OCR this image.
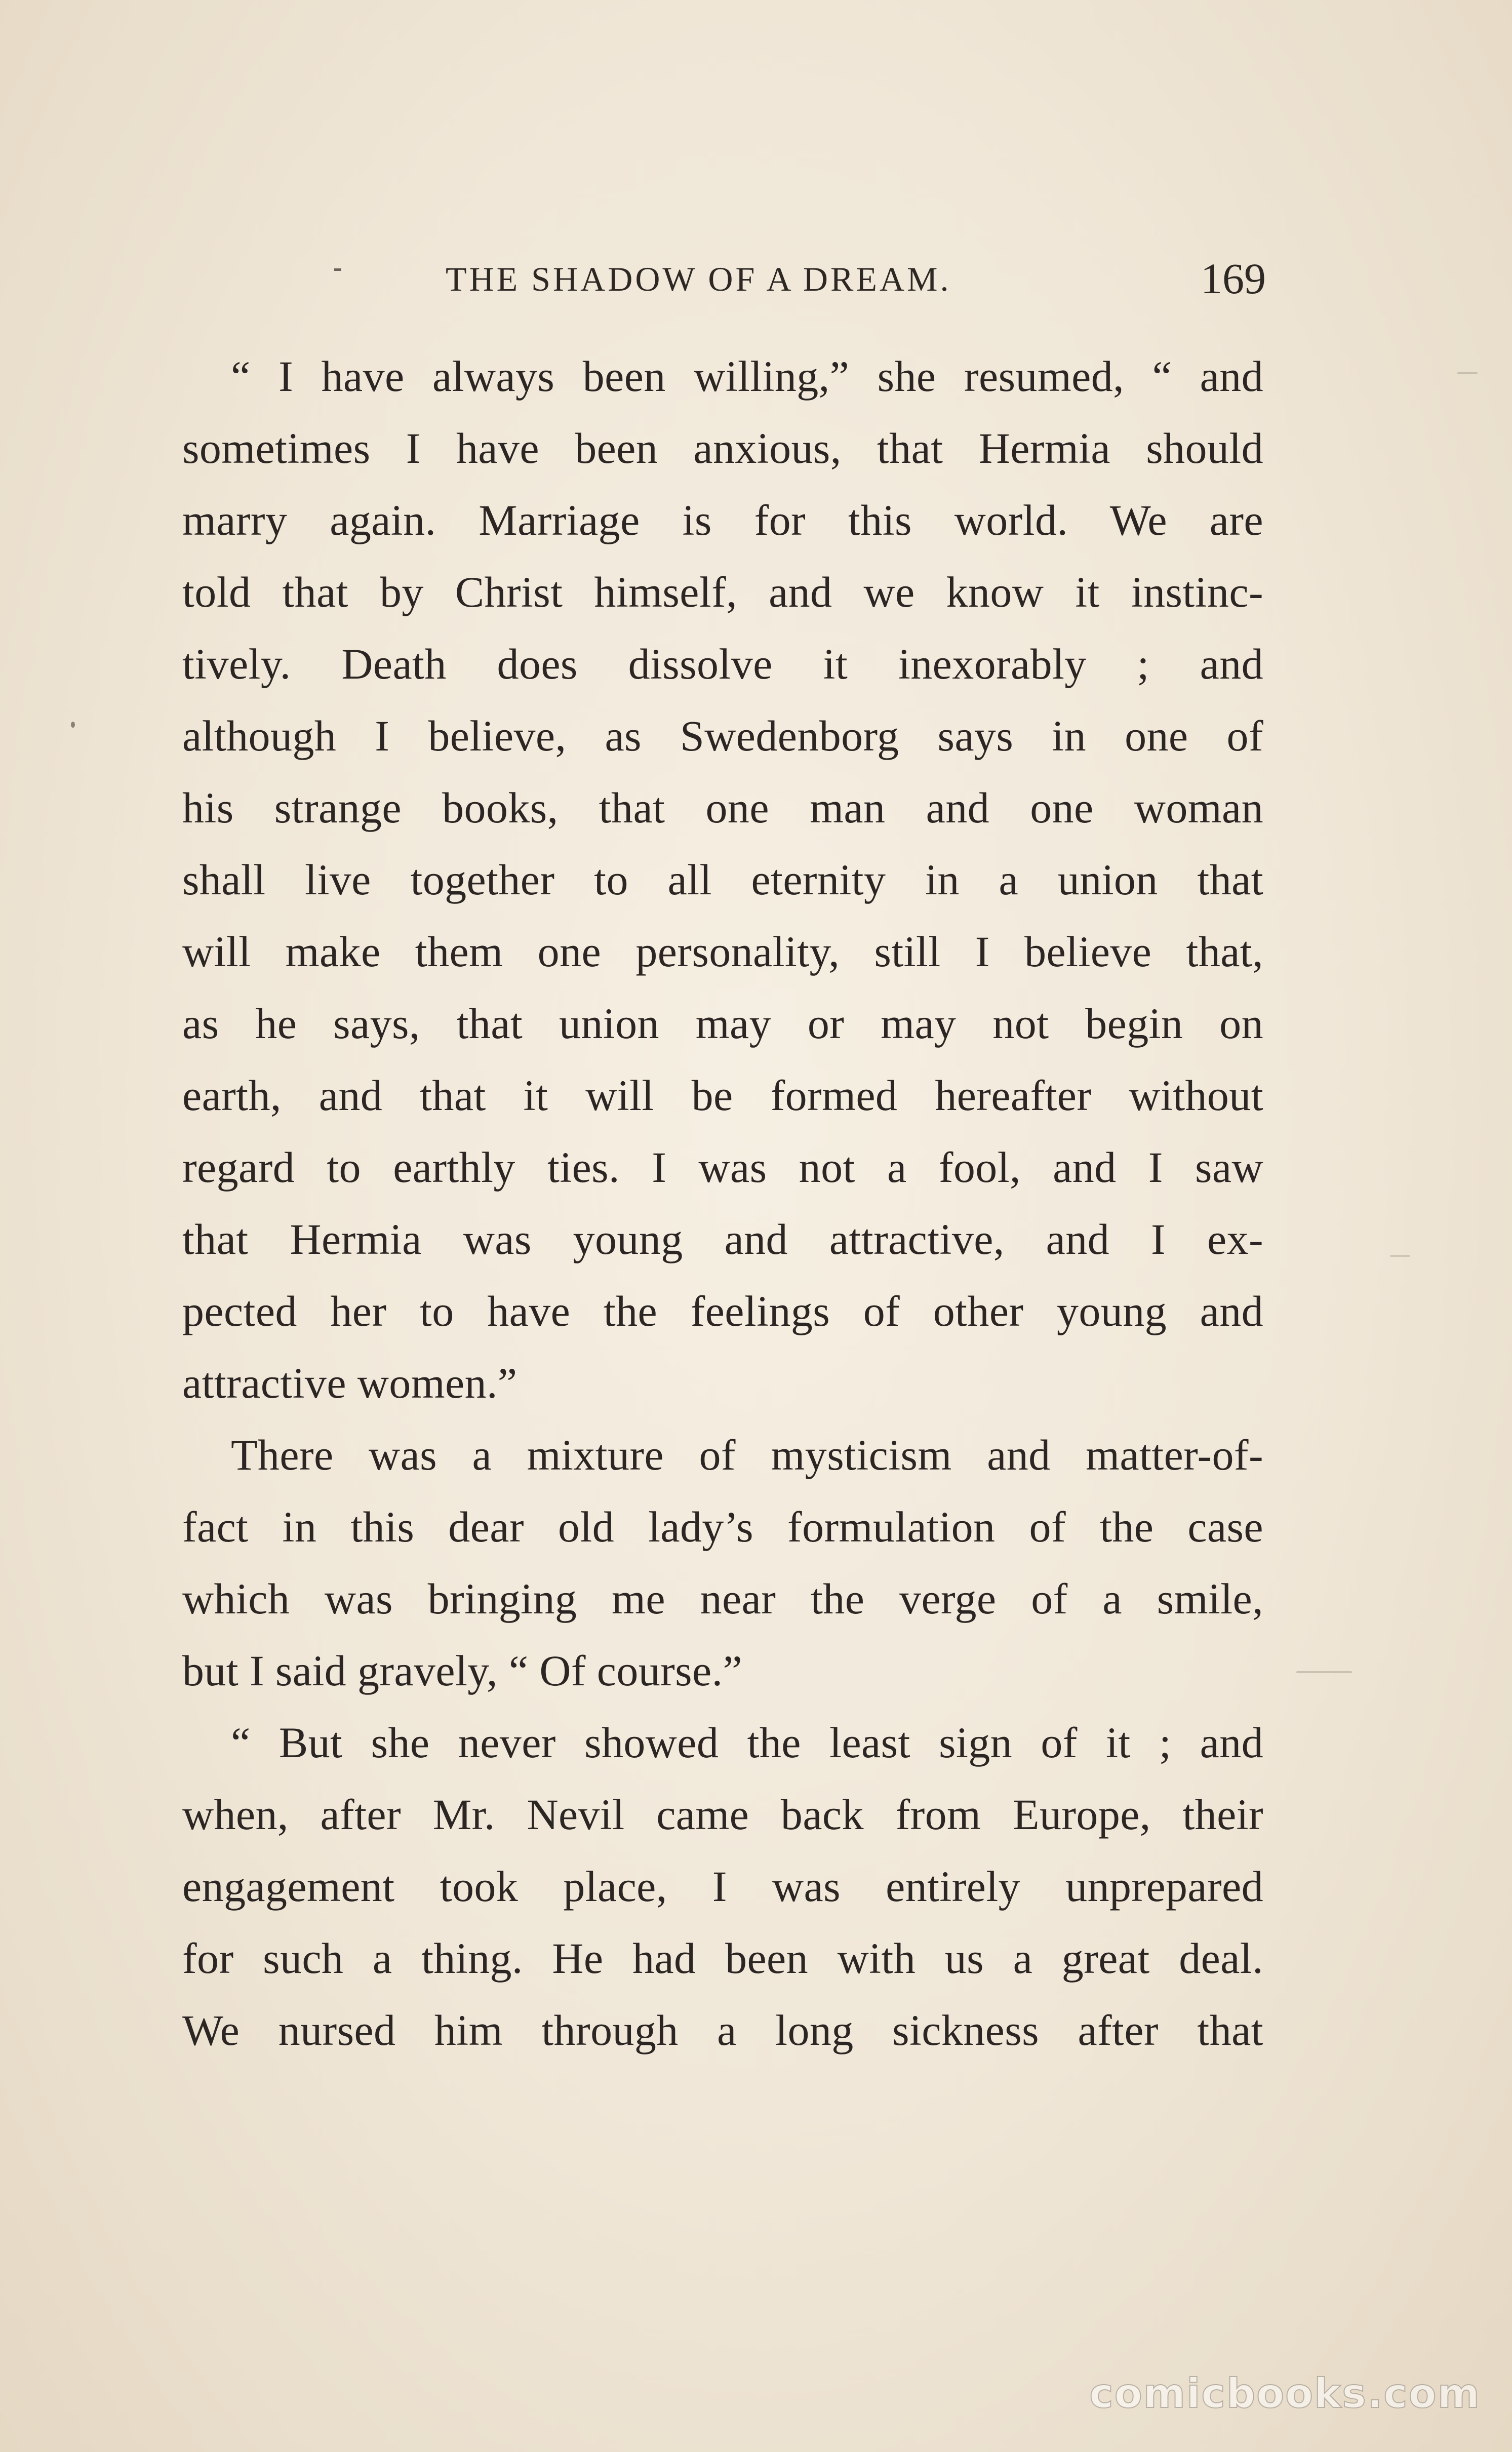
THE SHADOW OF A DREAM.	169
“ I have always been willing,” she resumed, “ and
sometimes I have been anxious, that Hermia should
marry again. Marriage is for this world. We are
told that by Christ himself, and we know it instinc-
tively. Death does dissolve it inexorably ; and
although I believe, as Swedenborg says in one of
his strange books, that one man and one woman
shall live together to all eternity in a union that
will make them one personality, still I believe that,
as he says, that union may or may not begin on
earth, and that it will be formed hereafter without
regard to earthly ties. I was not a fool, and I saw
that Hermia was young and attractive, and I ex-
pected her to have the feelings of other young and
attractive women.”
There was a mixture of mysticism and matter-of-
fact in this dear old lady’s formulation of the case
which was bringing me near the verge of a smile,
but I said gravely, “ Of course.”
“ But she never showed the least sign of it ; and
when, after Mr. Nevil came back from Europe, their
engagement took place, I was entirely unprepared
for such a thing. He had been with us a great deal.
We nursed him through a long sickness after that
comicbooks.com
